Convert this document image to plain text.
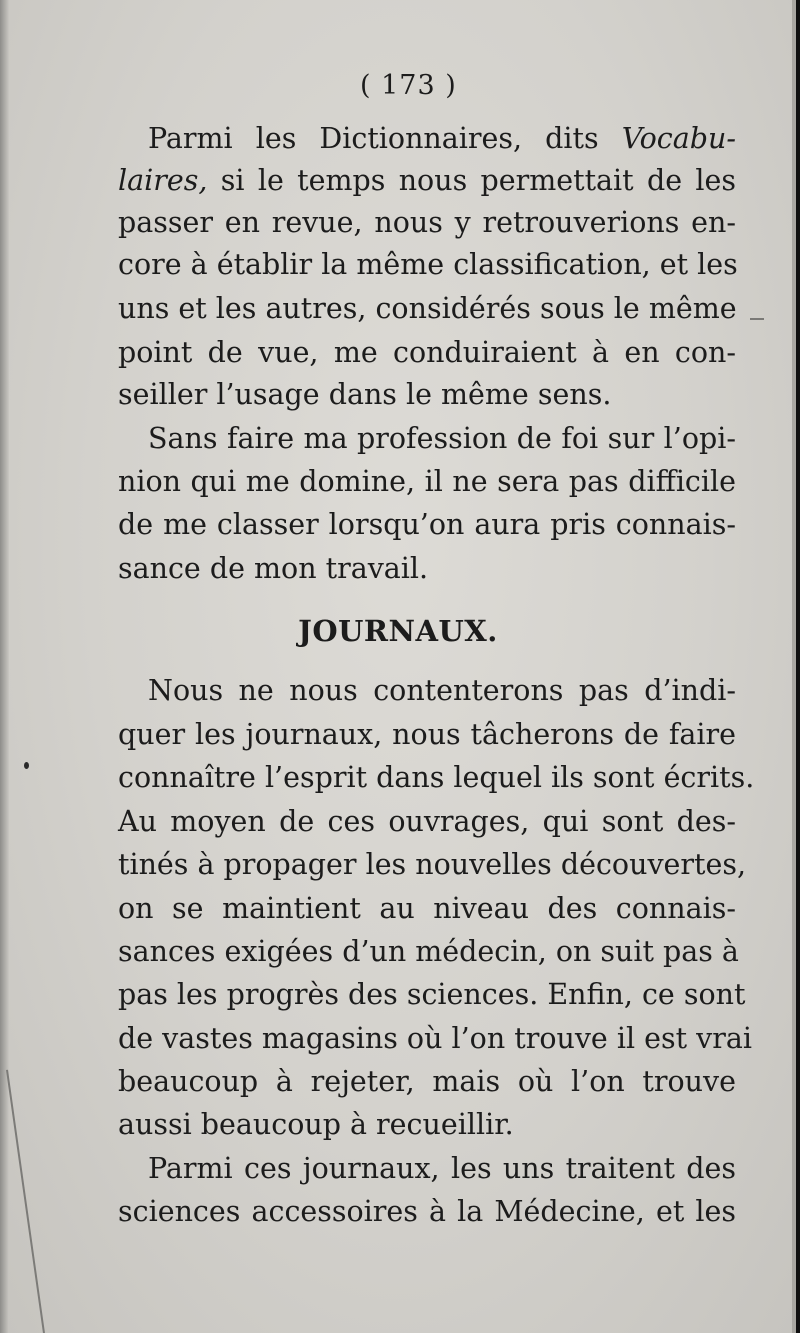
( 173 )
Parmi les Dictionnaires, dits Vocabu-
laires, si le temps nous permettait de les
passer en revue, nous y retrouverions en-
core à établir la même classification, et les
uns et les autres, considérés sous le même
point de vue, me conduiraient à en con-
seiller l’usage dans le même sens.
Sans faire ma profession de foi sur l’opi-
nion qui me domine, il ne sera pas difficile
de me classer lorsqu’on aura pris connais-
sance de mon travail.
JOURNAUX.
Nous ne nous contenterons pas d’indi-
quer les journaux, nous tâcherons de faire
connaître l’esprit dans lequel ils sont écrits.
Au moyen de ces ouvrages, qui sont des-
tinés à propager les nouvelles découvertes,
on se maintient au niveau des connais-
sances exigées d’un médecin, on suit pas à
pas les progrès des sciences. Enfin, ce sont
de vastes magasins où l’on trouve il est vrai
beaucoup à rejeter, mais où l’on trouve
aussi beaucoup à recueillir.
Parmi ces journaux, les uns traitent des
sciences accessoires à la Médecine, et les
